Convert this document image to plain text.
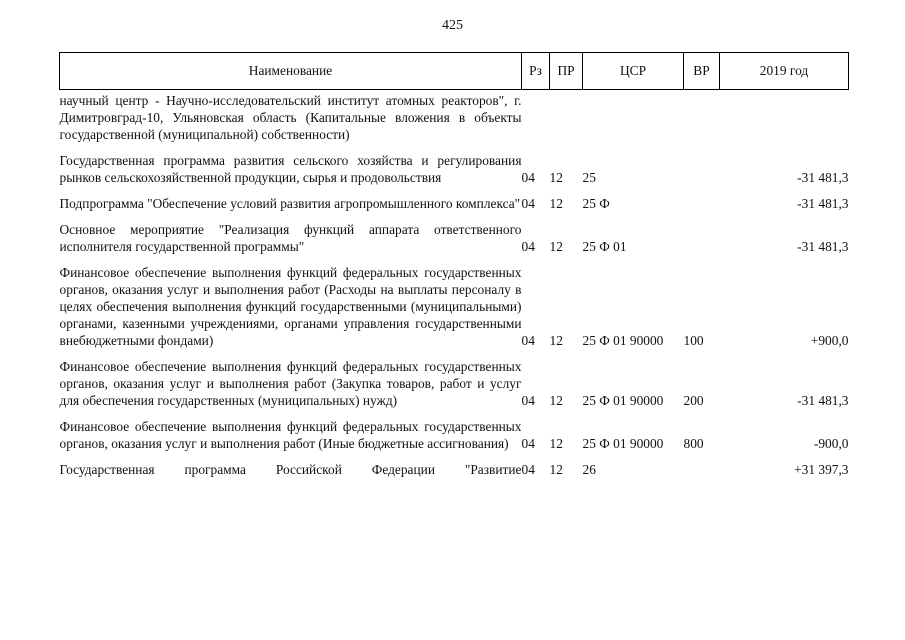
425
Наименование	Рз	ПР	ЦСР	ВР	2019 год
научный центр - Научно-исследовательский институт атомных реакторов", г. Димитровград-10, Ульяновская область (Капитальные вложения в объекты государственной (муниципальной) собственности)					

Государственная программа развития сельского хозяйства и регулирования рынков сельскохозяйственной продукции, сырья и продовольствия	04	12	25		-31 481,3

Подпрограмма "Обеспечение условий развития агропромышленного комплекса"	04	12	25 Ф		-31 481,3

Основное мероприятие "Реализация функций аппарата ответственного исполнителя государственной программы"	04	12	25 Ф 01		-31 481,3

Финансовое обеспечение выполнения функций федеральных государственных органов, оказания услуг и выполнения работ (Расходы на выплаты персоналу в целях обеспечения выполнения функций государственными (муниципальными) органами, казенными учреждениями, органами управления государственными внебюджетными фондами)	04	12	25 Ф 01 90000	100	+900,0

Финансовое обеспечение выполнения функций федеральных государственных органов, оказания услуг и выполнения работ (Закупка товаров, работ и услуг для обеспечения государственных (муниципальных) нужд)	04	12	25 Ф 01 90000	200	-31 481,3

Финансовое обеспечение выполнения функций федеральных государственных органов, оказания услуг и выполнения работ (Иные бюджетные ассигнования)	04	12	25 Ф 01 90000	800	-900,0

Государственная программа Российской Федерации "Развитие	04	12	26		+31 397,3
